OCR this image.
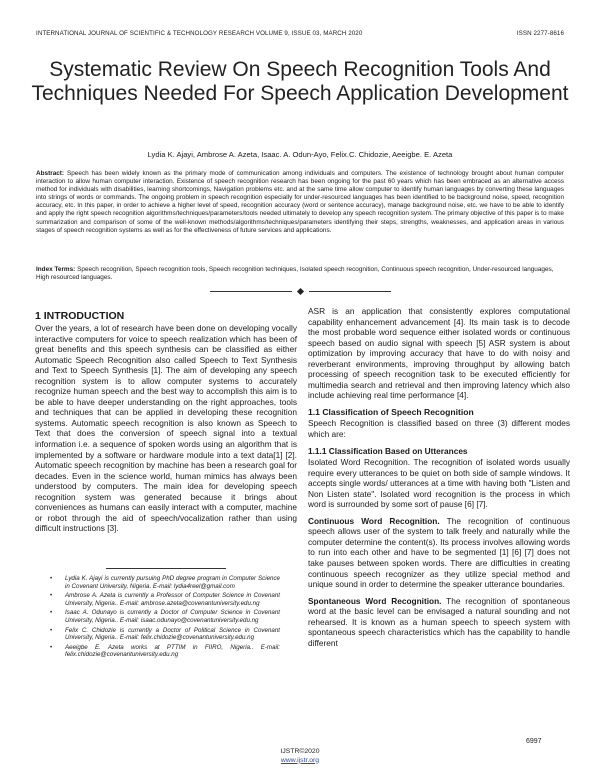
INTERNATIONAL JOURNAL OF SCIENTIFIC & TECHNOLOGY RESEARCH VOLUME 9, ISSUE 03, MARCH 2020	ISSN 2277-8616
Systematic Review On Speech Recognition Tools And Techniques Needed For Speech Application Development
Lydia K. Ajayi, Ambrose A. Azeta, Isaac. A. Odun-Ayo, Felix.C. Chidozie, Aeeigbe. E. Azeta
Abstract: Speech has been widely known as the primary mode of communication among individuals and computers. The existence of technology brought about human computer interaction to allow human computer interaction. Existence of speech recognition research has been ongoing for the past 60 years which has been embraced as an alternative access method for individuals with disabilities, learning shortcomings, Navigation problems etc. and at the same time allow computer to identify human languages by converting these languages into strings of words or commands. The ongoing problem in speech recognition especially for under-resourced languages has been identified to be background noise, speed, recognition accuracy, etc. In this paper, in order to achieve a higher level of speed, recognition accuracy (word or sentence accuracy), manage background noise, etc. we have to be able to identify and apply the right speech recognition algorithms/techniques/parameters/tools needed ultimately to develop any speech recognition system. The primary objective of this paper is to make summarization and comparison of some of the well-known methods/algorithms/techniques/parameters identifying their steps, strengths, weaknesses, and application areas in various stages of speech recognition systems as well as for the effectiveness of future services and applications.
Index Terms: Speech recognition, Speech recognition tools, Speech recognition techniques, Isolated speech recognition, Continuous speech recognition, Under-resourced languages, High resourced languages.
1 INTRODUCTION

Over the years, a lot of research have been done on developing vocally interactive computers for voice to speech realization which has been of great benefits and this speech synthesis can be classified as either Automatic Speech Recognition also called Speech to Text Synthesis and Text to Speech Synthesis [1]. The aim of developing any speech recognition system is to allow computer systems to accurately recognize human speech and the best way to accomplish this aim is to be able to have deeper understanding on the right approaches, tools and techniques that can be applied in developing these recognition systems. Automatic speech recognition is also known as Speech to Text that does the conversion of speech signal into a textual information i.e. a sequence of spoken words using an algorithm that is implemented by a software or hardware module into a text data[1] [2]. Automatic speech recognition by machine has been a research goal for decades. Even in the science world, human mimics has always been understood by computers. The main idea for developing speech recognition system was generated because it brings about conveniences as humans can easily interact with a computer, machine or robot through the aid of speech/vocalization rather than using difficult instructions [3].

• Lydia K. Ajayi is currently pursuing PhD degree program in Computer Science in Covenant University, Nigeria. E-mail: lydia4reel@gmail.com
• Ambrose A. Azeta is currently a Professor of Computer Science in Covenant University, Nigeria.. E-mail: ambrose.azeta@covenantuniversity.edu.ng
• Isaac A. Odunayo is currently a Doctor of Computer Science in Covenant University, Nigeria.. E-mail: isaac.odunayo@covenantuniversity.edu.ng
• Felix C. Chidozie is currently a Doctor of Political Science in Covenant University, Nigeria.. E-mail: felix.chidozie@covenantuniversity.edu.ng
• Aeeigbe E. Azeta works at PTTIM in FIIRO, Nigeria.. E-mail: felix.chidozie@covenantuniversity.edu.ng

ASR is an application that consistently explores computational capability enhancement advancement [4]. Its main task is to decode the most probable word sequence either isolated words or continuous speech based on audio signal with speech [5] ASR system is about optimization by improving accuracy that have to do with noisy and reverberant environments, improving throughput by allowing batch processing of speech recognition task to be executed efficiently for multimedia search and retrieval and then improving latency which also include achieving real time performance [4].

1.1 Classification of Speech Recognition

Speech Recognition is classified based on three (3) different modes which are:

1.1.1 Classification Based on Utterances

Isolated Word Recognition. The recognition of isolated words usually require every utterances to be quiet on both side of sample windows. It accepts single words/ utterances at a time with having both "Listen and Non Listen state". Isolated word recognition is the process in which word is surrounded by some sort of pause [6] [7].

Continuous Word Recognition. The recognition of continuous speech allows user of the system to talk freely and naturally while the computer determine the content(s). Its process involves allowing words to run into each other and have to be segmented [1] [6] [7] does not take pauses between spoken words. There are difficulties in creating continuous speech recognizer as they utilize special method and unique sound in order to determine the speaker utterance boundaries.

Spontaneous Word Recognition. The recognition of spontaneous word at the basic level can be envisaged a natural sounding and not rehearsed. It is known as a human speech to speech system with spontaneous speech characteristics which has the capability to handle different

6997
IJSTR©2020
www.ijstr.org
